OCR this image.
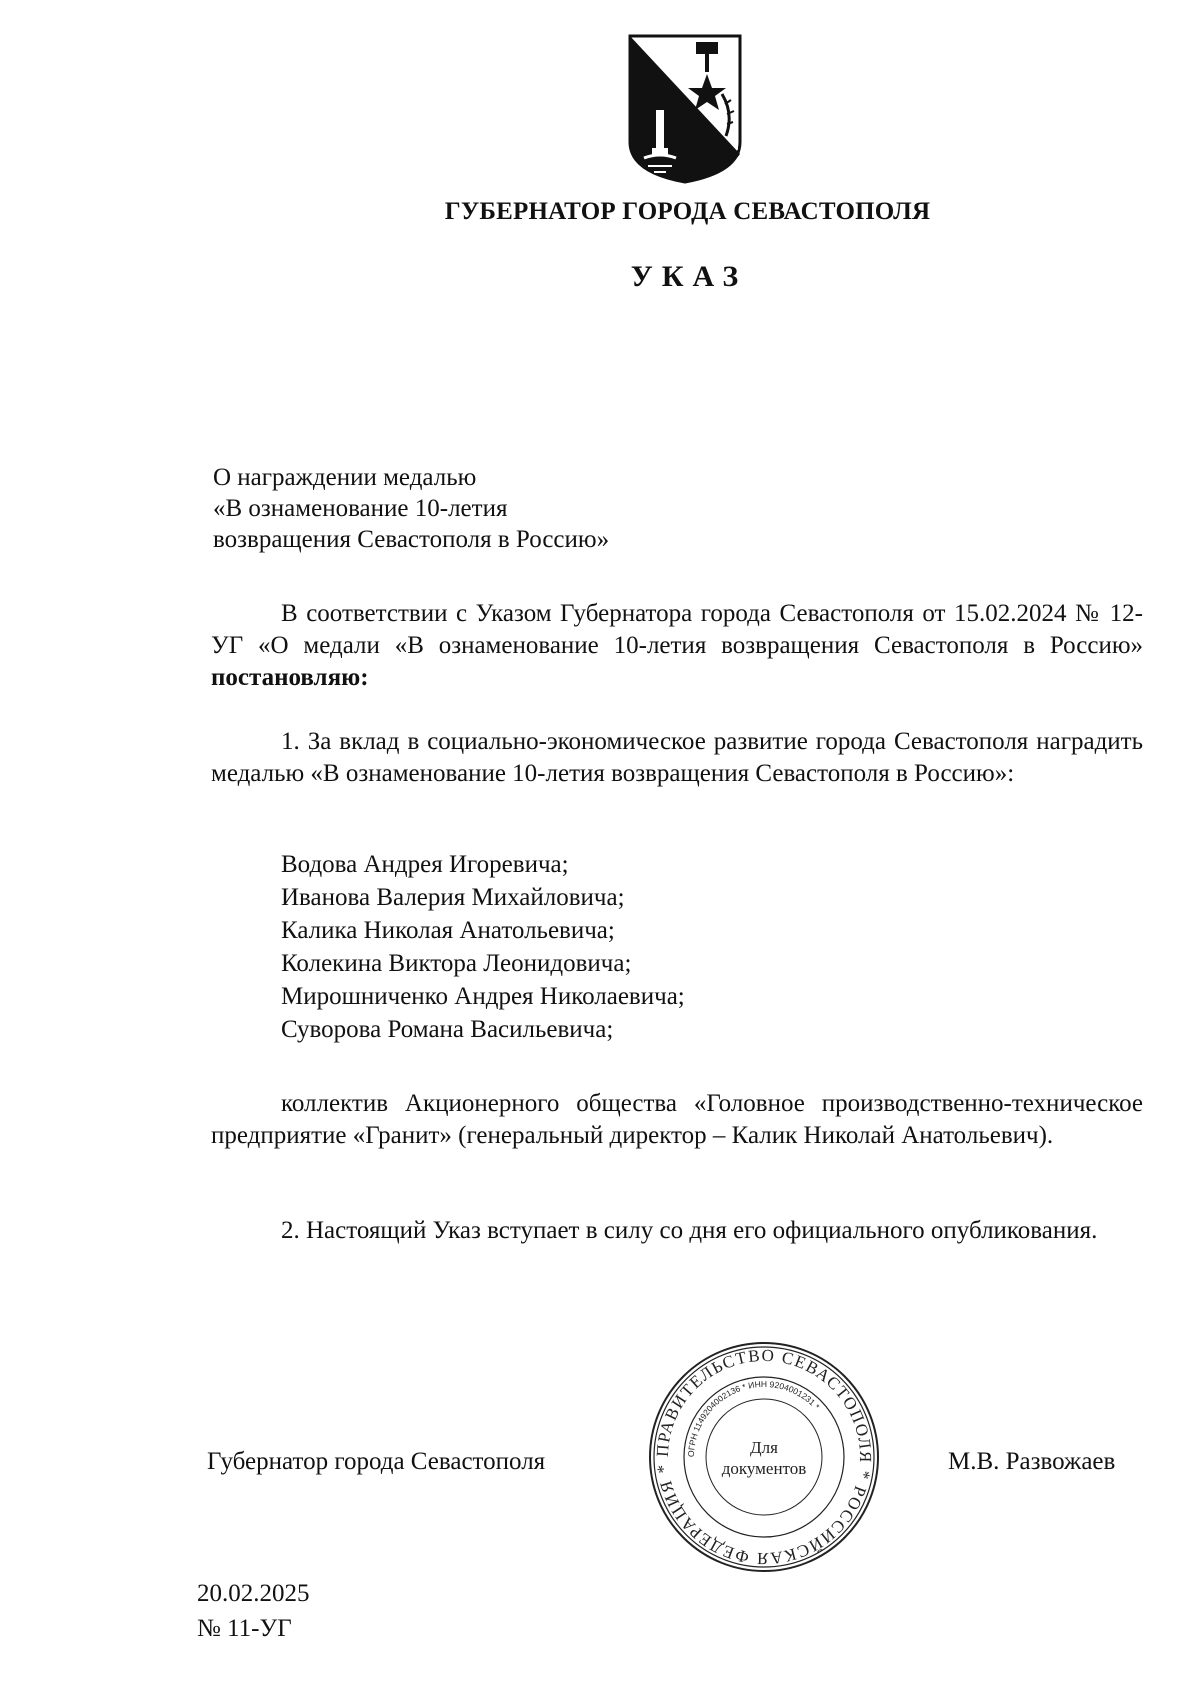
ГУБЕРНАТОР ГОРОДА СЕВАСТОПОЛЯ
УКАЗ
О награждении медалью
«В ознаменование 10-летия
возвращения Севастополя в Россию»
В соответствии с Указом Губернатора города Севастополя от 15.02.2024 № 12-УГ «О медали «В ознаменование 10-летия возвращения Севастополя в Россию» постановляю:
1. За вклад в социально-экономическое развитие города Севастополя наградить медалью «В ознаменование 10-летия возвращения Севастополя в Россию»:
Водова Андрея Игоревича;
Иванова Валерия Михайловича;
Калика Николая Анатольевича;
Колекина Виктора Леонидовича;
Мирошниченко Андрея Николаевича;
Суворова Романа Васильевича;
коллектив Акционерного общества «Головное производственно-техническое предприятие «Гранит» (генеральный директор – Калик Николай Анатольевич).
2. Настоящий Указ вступает в силу со дня его официального опубликования.
Губернатор города Севастополя	ПРАВИТЕЛЬСТВО СЕВАСТОПОЛЯ * РОССИЙСКАЯ ФЕДЕРАЦИЯ *
ОГРН 1149204002136 * ИНН 9204001231 *
Для
документов	М.В. Развожаев
20.02.2025
№ 11-УГ
